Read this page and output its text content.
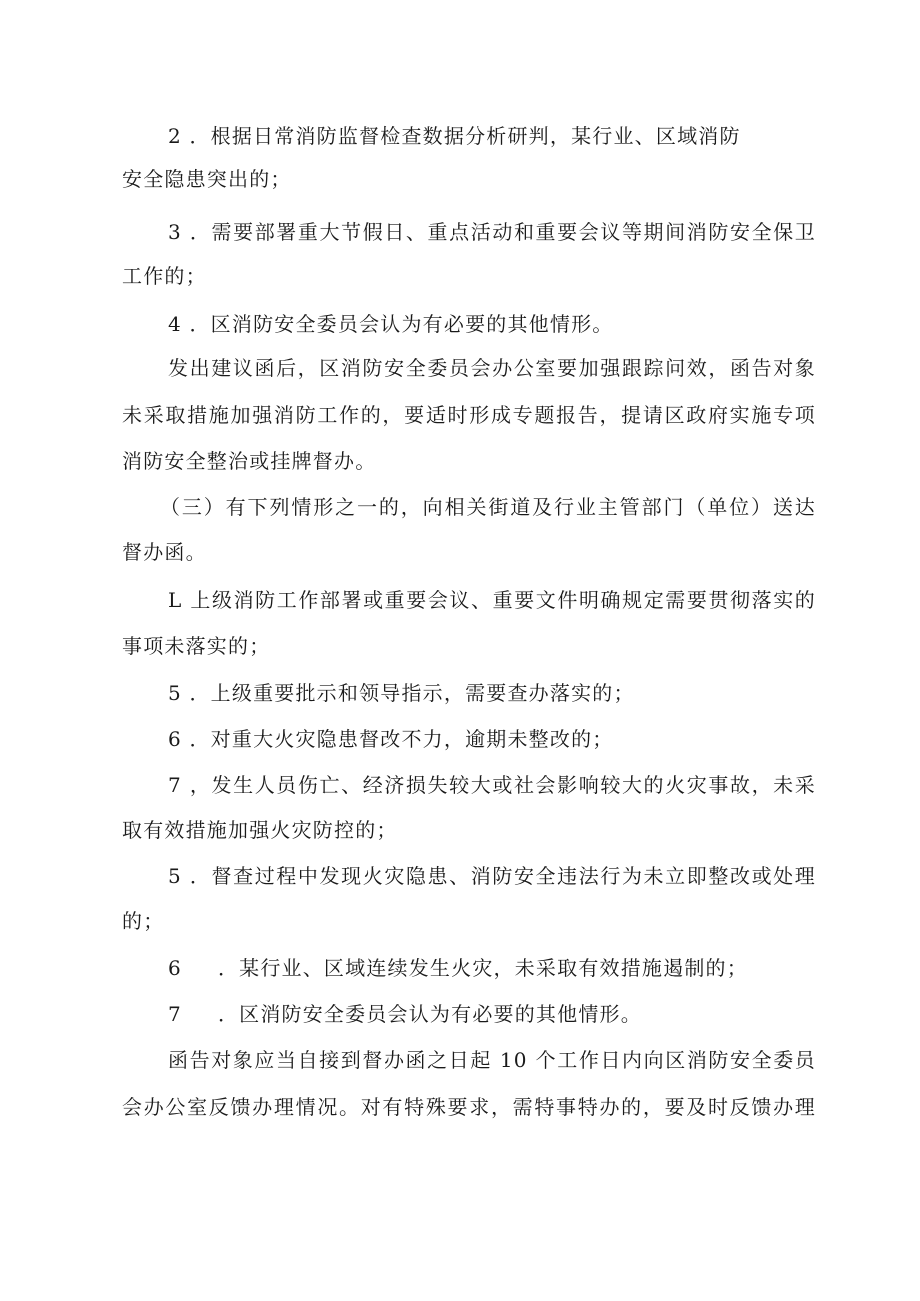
2 ．根据日常消防监督检查数据分析研判，某行业、区域消防
安全隐患突出的；
3 ．需要部署重大节假日、重点活动和重要会议等期间消防安全保卫
工作的；
4 ．区消防安全委员会认为有必要的其他情形。
发出建议函后，区消防安全委员会办公室要加强跟踪问效，函告对象
未采取措施加强消防工作的，要适时形成专题报告，提请区政府实施专项
消防安全整治或挂牌督办。
（三）有下列情形之一的，向相关街道及行业主管部门（单位）送达
督办函。
L 上级消防工作部署或重要会议、重要文件明确规定需要贯彻落实的
事项未落实的；
5 ．上级重要批示和领导指示，需要查办落实的；
6 ．对重大火灾隐患督改不力，逾期未整改的；
7 ，发生人员伤亡、经济损失较大或社会影响较大的火灾事故，未采
取有效措施加强火灾防控的；
5 ．督查过程中发现火灾隐患、消防安全违法行为未立即整改或处理
的；
6 ．某行业、区域连续发生火灾，未采取有效措施遏制的；
7 ．区消防安全委员会认为有必要的其他情形。
函告对象应当自接到督办函之日起 10 个工作日内向区消防安全委员
会办公室反馈办理情况。对有特殊要求，需特事特办的，要及时反馈办理
